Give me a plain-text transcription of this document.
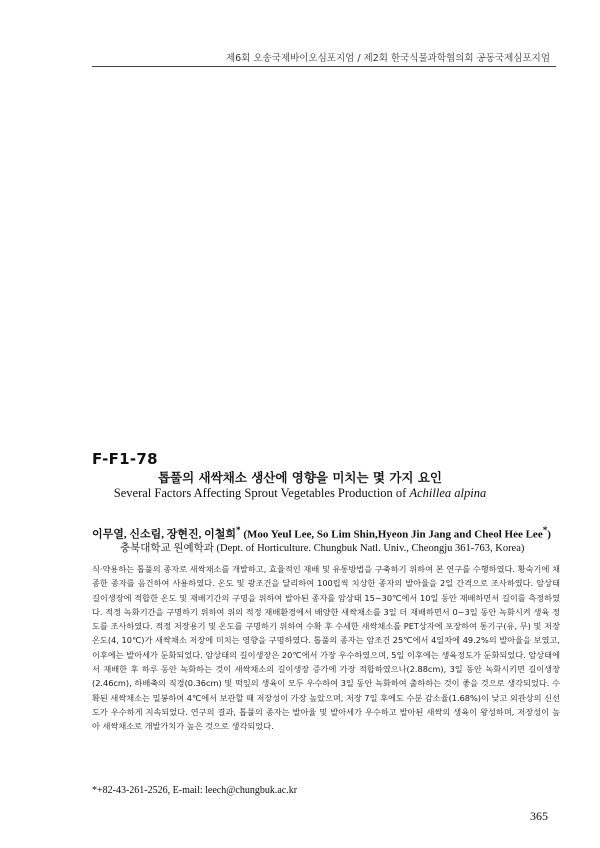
제6회 오송국제바이오심포지엄 / 제2회 한국식물과학협의회 공동국제심포지엄
F-F1-78
톱풀의 새싹채소 생산에 영향을 미치는 몇 가지 요인
Several Factors Affecting Sprout Vegetables Production of Achillea alpina
이무열, 신소림, 장현진, 이철희* (Moo Yeul Lee, So Lim Shin,Hyeon Jin Jang and Cheol Hee Lee*)
충북대학교 원예학과 (Dept. of Horticulture. Chungbuk Natl. Univ., Cheongju 361-763, Korea)

식·약용하는 톱풀의 종자로 새싹채소를 개발하고, 효율적인 재배 및 유통방법을 구축하기 위하여 본 연구를 수행하였다. 황숙기에 채종한 종자를 음건하여 사용하였다. 온도 및 광조건을 달리하여 100립씩 치상한 종자의 발아율을 2일 간격으로 조사하였다. 암상태 길이생장에 적합한 온도 및 재배기간의 구명을 위하여 발아된 종자를 암상태 15~30℃에서 10일 동안 재배하면서 길이를 측정하였다. 적정 녹화기간을 구명하기 위하여 위의 적정 재배환경에서 배양한 새싹채소를 3일 더 재배하면서 0~3일 동안 녹화시켜 생육 정도를 조사하였다. 적정 저장용기 및 온도를 구명하기 위하여 수확 후 수세한 새싹채소를 PET상자에 포장하여 통기구(유, 무) 및 저장온도(4, 10℃)가 새싹채소 저장에 미치는 영향을 구명하였다. 톱풀의 종자는 암조건 25℃에서 4일차에 49.2%의 발아율을 보였고, 이후에는 발아세가 둔화되었다. 암상태의 길이생장은 20℃에서 가장 우수하였으며, 5일 이후에는 생육정도가 둔화되었다. 암상태에서 재배한 후 하루 동안 녹화하는 것이 새싹채소의 길이생장 증가에 가장 적합하였으나(2.88cm), 3일 동안 녹화시키면 길이생장(2.46cm), 하배축의 직경(0.36cm) 및 떡잎의 생육이 모두 우수하여 3일 동안 녹화하여 출하하는 것이 좋을 것으로 생각되었다. 수확된 새싹채소는 밀봉하여 4℃에서 보관할 때 저장성이 가장 높았으며, 저장 7일 후에도 수분 감소율(1.68%)이 낮고 외관상의 신선도가 우수하게 지속되었다. 연구의 결과, 톱풀의 종자는 발아율 및 발아세가 우수하고 발아된 새싹의 생육이 왕성하며, 저장성이 높아 새싹채소로 개발가치가 높은 것으로 생각되었다.

*+82-43-261-2526, E-mail: leech@chungbuk.ac.kr
365
